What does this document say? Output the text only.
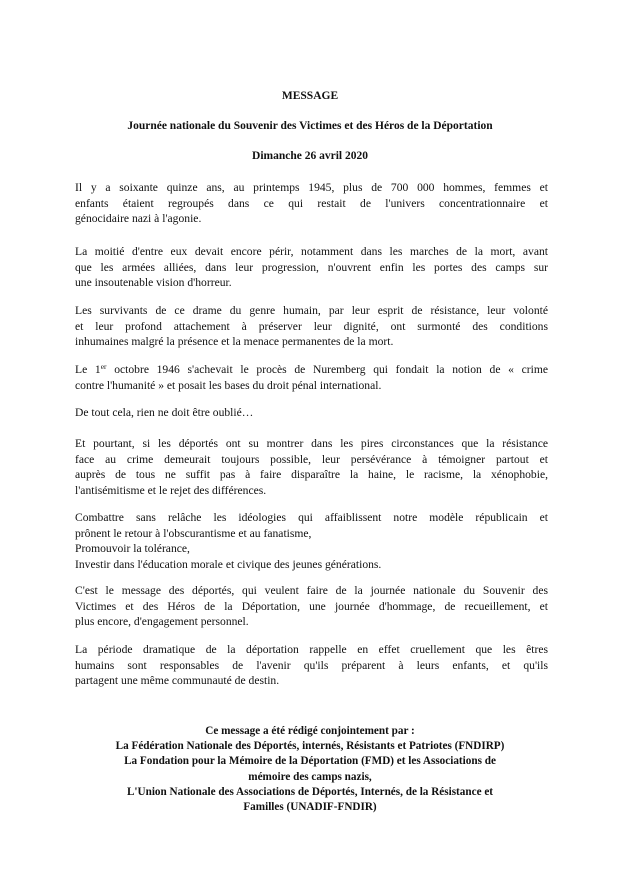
MESSAGE
Journée nationale du Souvenir des Victimes et des Héros de la Déportation
Dimanche 26 avril 2020
Il y a soixante quinze ans, au printemps 1945, plus de 700 000 hommes, femmes et
enfants étaient regroupés dans ce qui restait de l'univers concentrationnaire et
génocidaire nazi à l'agonie.
La moitié d'entre eux devait encore périr, notamment dans les marches de la mort, avant
que les armées alliées, dans leur progression, n'ouvrent enfin les portes des camps sur
une insoutenable vision d'horreur.
Les survivants de ce drame du genre humain, par leur esprit de résistance, leur volonté
et leur profond attachement à préserver leur dignité, ont surmonté des conditions
inhumaines malgré la présence et la menace permanentes de la mort.
Le 1er octobre 1946 s'achevait le procès de Nuremberg qui fondait la notion de « crime
contre l'humanité » et posait les bases du droit pénal international.
De tout cela, rien ne doit être oublié…
Et pourtant, si les déportés ont su montrer dans les pires circonstances que la résistance
face au crime demeurait toujours possible, leur persévérance à témoigner partout et
auprès de tous ne suffit pas à faire disparaître la haine, le racisme, la xénophobie,
l'antisémitisme et le rejet des différences.
Combattre sans relâche les idéologies qui affaiblissent notre modèle républicain et
prônent le retour à l'obscurantisme et au fanatisme,
Promouvoir la tolérance,
Investir dans l'éducation morale et civique des jeunes générations.
C'est le message des déportés, qui veulent faire de la journée nationale du Souvenir des
Victimes et des Héros de la Déportation, une journée d'hommage, de recueillement, et
plus encore, d'engagement personnel.
La période dramatique de la déportation rappelle en effet cruellement que les êtres
humains sont responsables de l'avenir qu'ils préparent à leurs enfants, et qu'ils
partagent une même communauté de destin.
Ce message a été rédigé conjointement par :
La Fédération Nationale des Déportés, internés, Résistants et Patriotes (FNDIRP)
La Fondation pour la Mémoire de la Déportation (FMD) et les Associations de
mémoire des camps nazis,
L'Union Nationale des Associations de Déportés, Internés, de la Résistance et
Familles (UNADIF-FNDIR)
